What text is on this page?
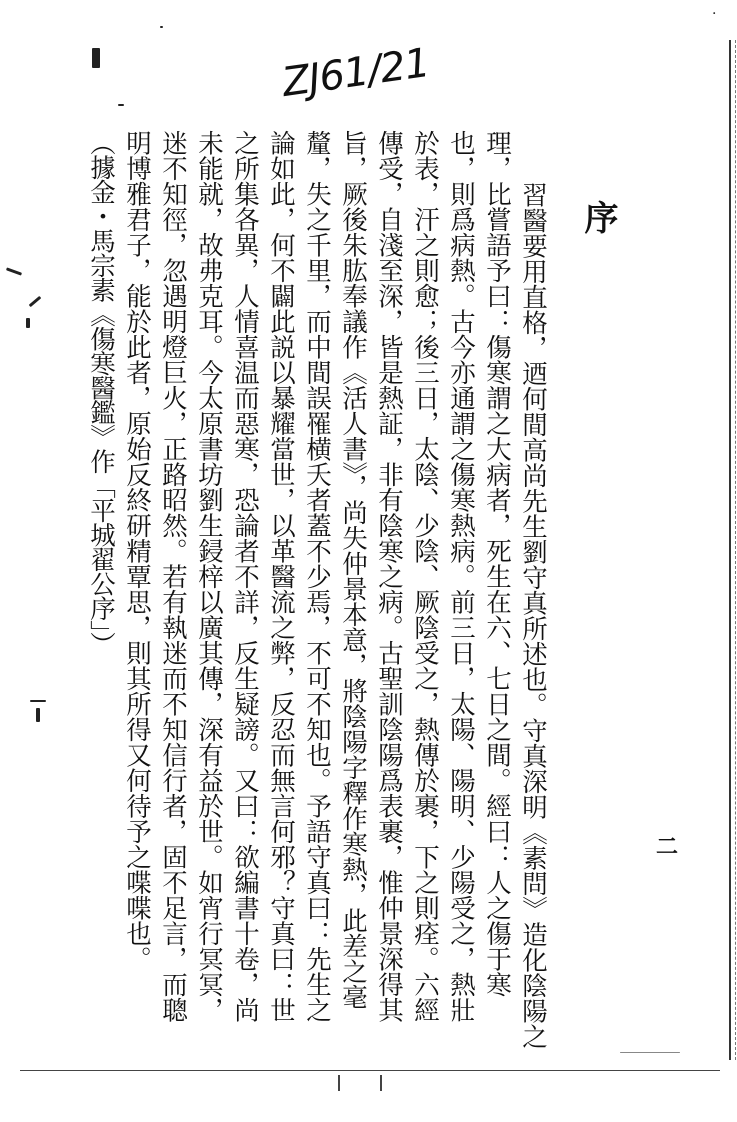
·
ZJ61/21
序
二
習醫要用直格，迺何間高尚先生劉守真所述也。守真深明《素問》造化陰陽之
理，比嘗語予曰：傷寒謂之大病者，死生在六、七日之間。經曰：人之傷于寒
也，則爲病熱。古今亦通謂之傷寒熱病。前三日，太陽、陽明、少陽受之，熱壯
於表，汗之則愈；後三日，太陰、少陰、厥陰受之，熱傳於裹，下之則痊。六經
傳受，自淺至深，皆是熱証，非有陰寒之病。古聖訓陰陽爲表裹，惟仲景深得其
旨，厥後朱肱奉議作《活人書》，尚失仲景本意，將陰陽字釋作寒熱，此差之毫
釐，失之千里，而中間誤罹横夭者蓋不少焉，不可不知也。予語守真曰：先生之
論如此，何不闢此説以暴耀當世，以革醫流之弊，反忍而無言何邪？守真曰：世
之所集各異，人情喜温而惡寒，恐論者不詳，反生疑謗。又曰：欲編書十卷，尚
未能就，故弗克耳。今太原書坊劉生鋟梓以廣其傳，深有益於世。如宵行冥冥，
迷不知徑，忽遇明燈巨火，正路昭然。若有執迷而不知信行者，固不足言，而聰
明博雅君子，能於此者，原始反終研精覃思，則其所得又何待予之喋喋也。
（據金・馬宗素《傷寒醫鑑》作「平城翟公序」）
